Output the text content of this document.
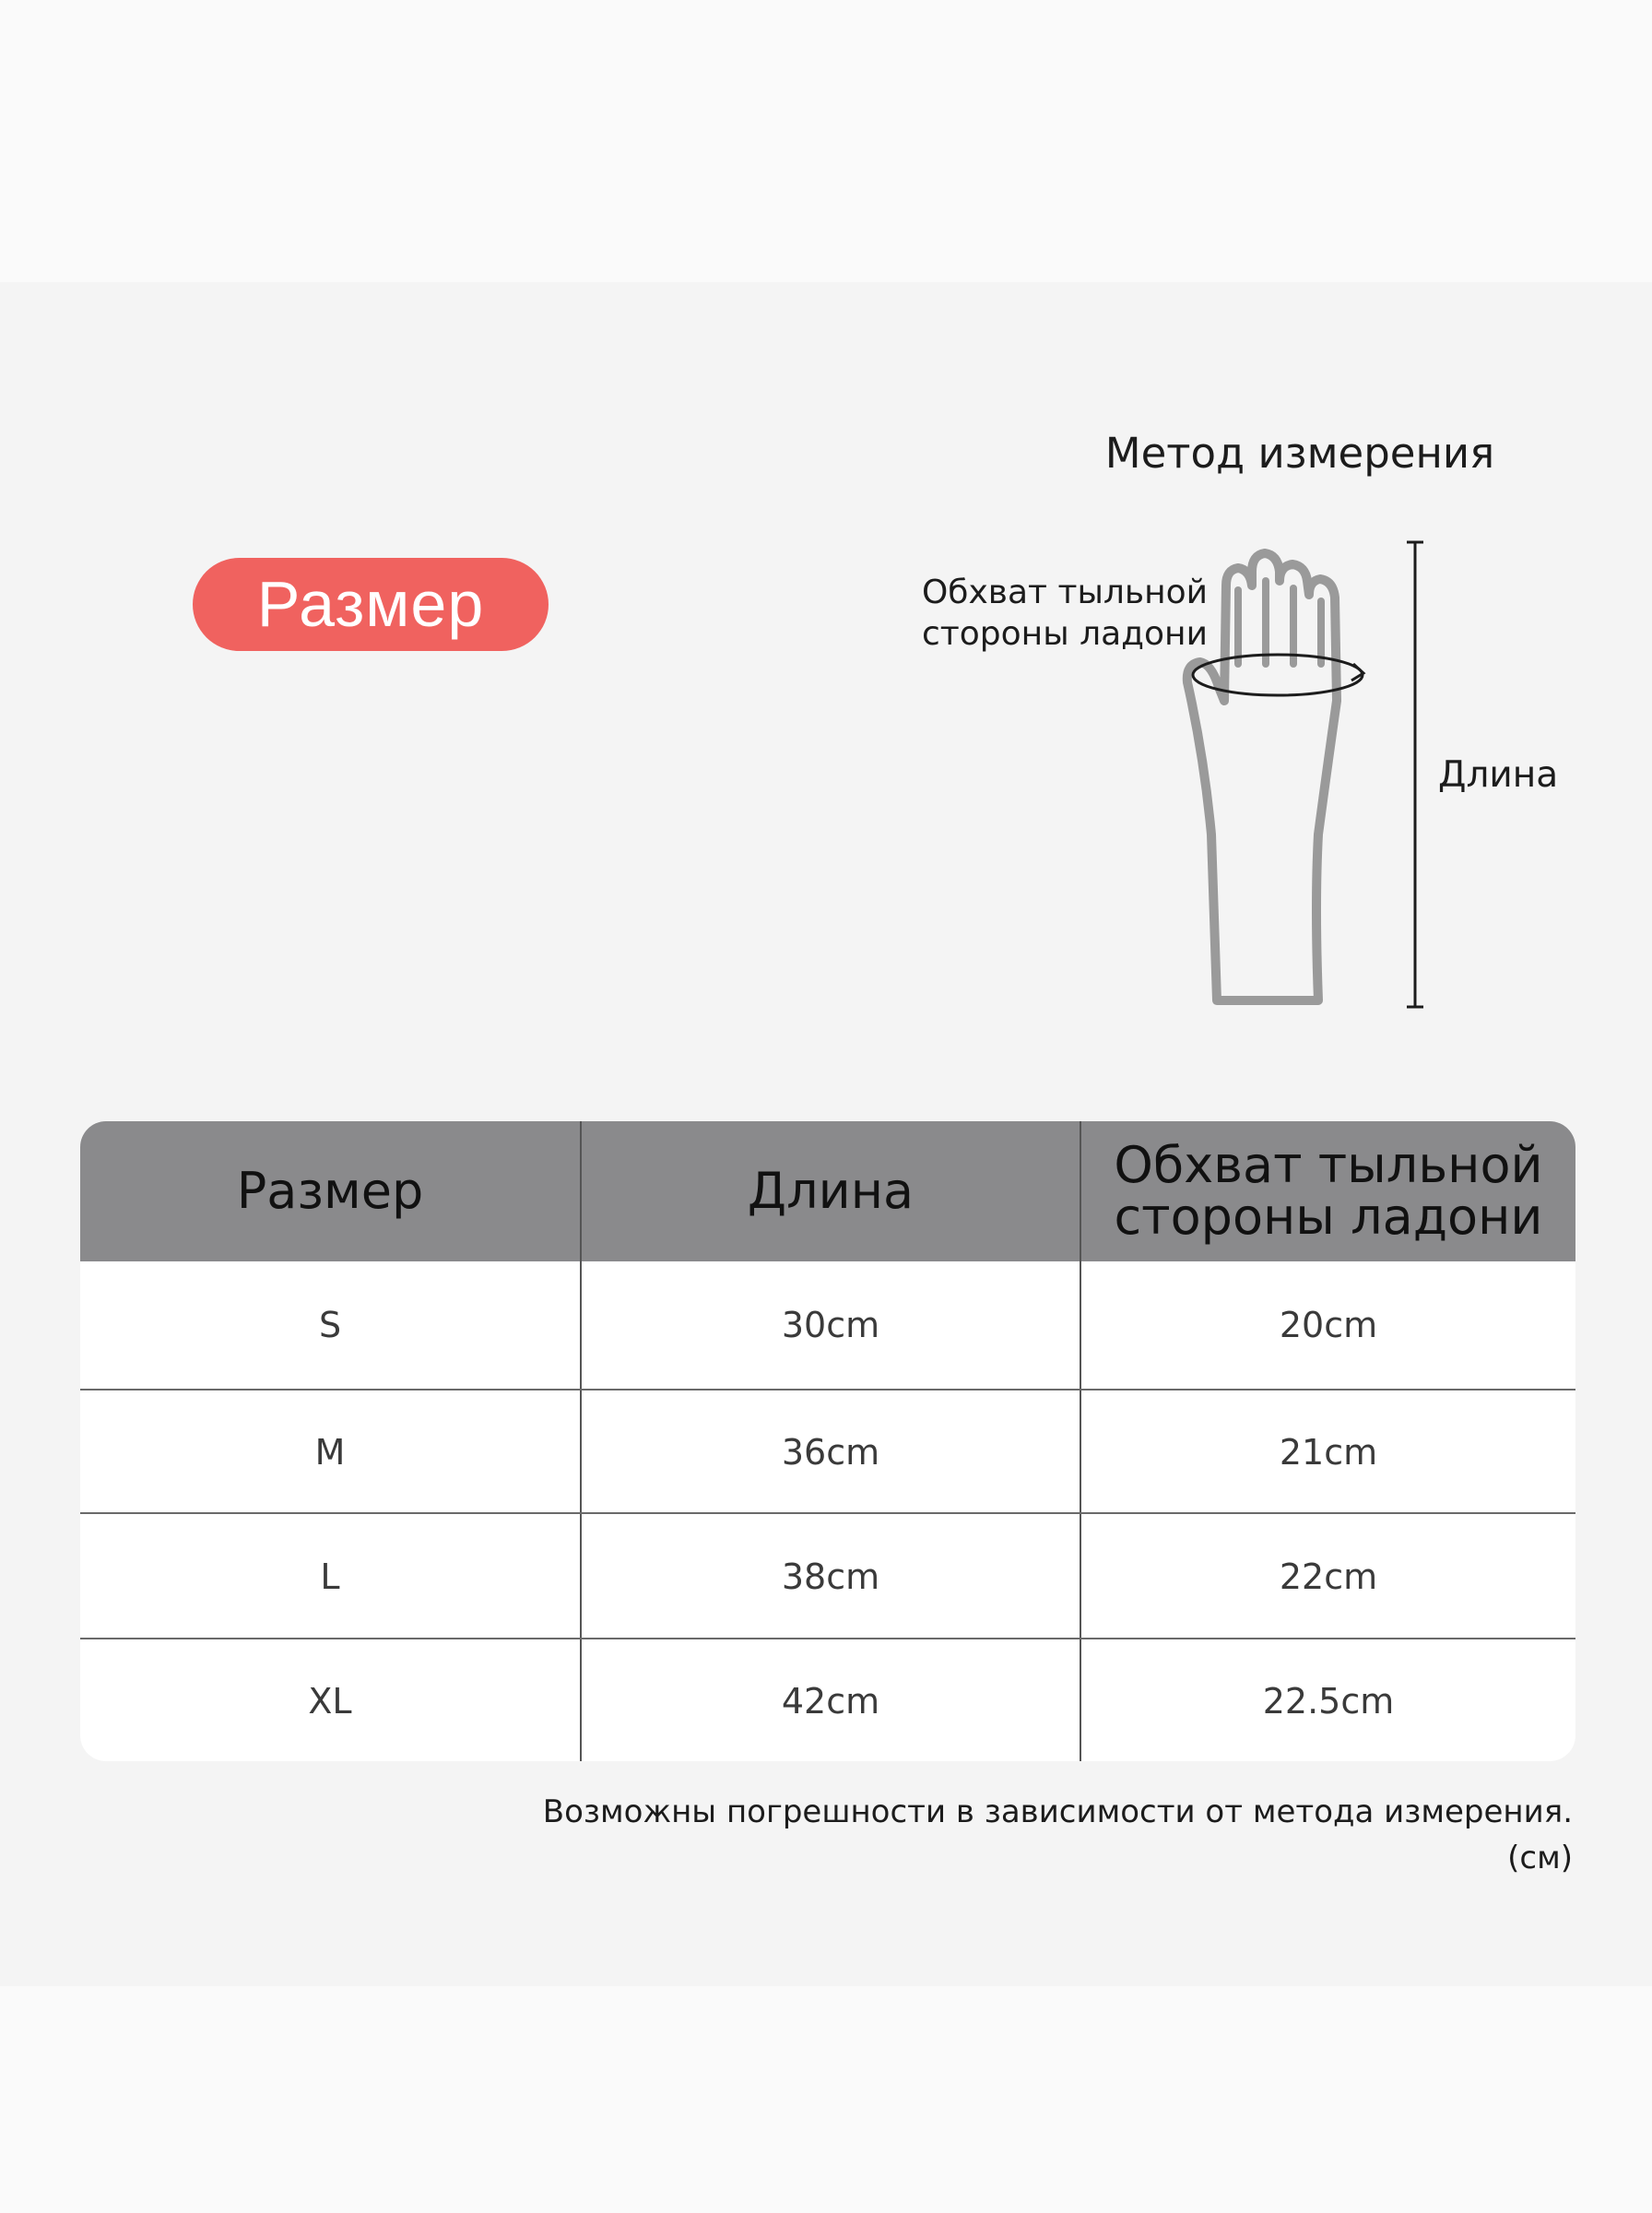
Размер
Метод измерения
Обхват тыльной
стороны ладони
Длина
Размер	Длина	Обхват тыльной
стороны ладони
S	30cm	20cm
M	36cm	21cm
L	38cm	22cm
XL	42cm	22.5cm
Возможны погрешности в зависимости от метода измерения. (см)
